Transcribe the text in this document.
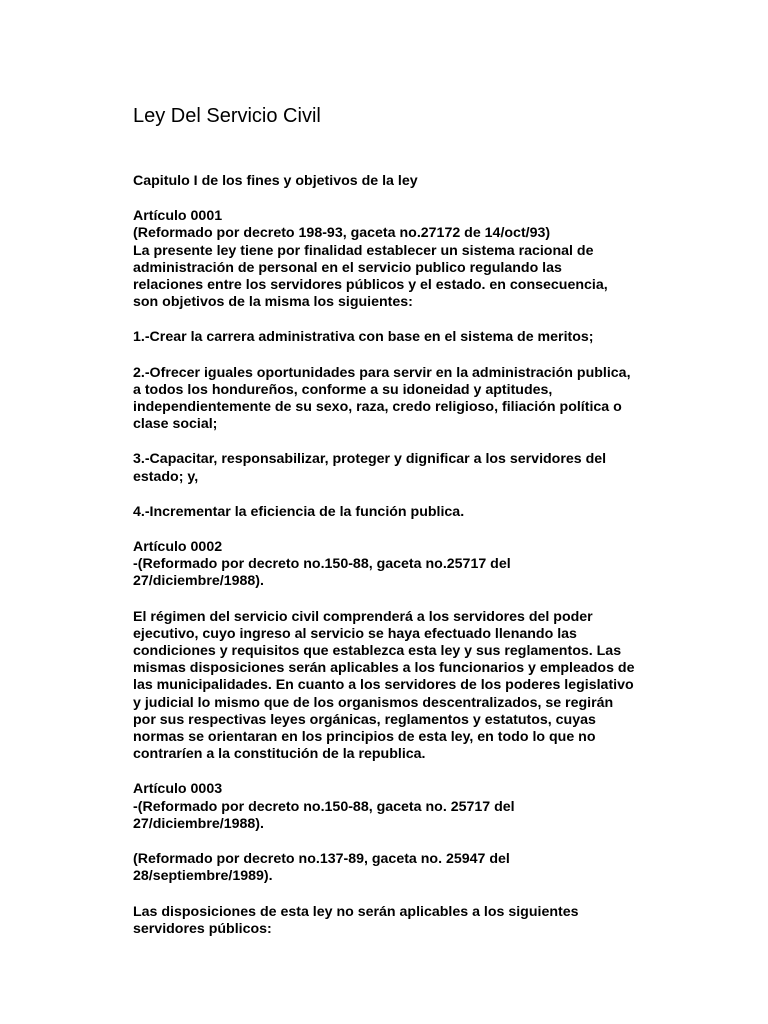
Ley Del Servicio Civil

Capitulo I de los fines y objetivos de la ley

Artículo 0001
(Reformado por decreto 198-93, gaceta no.27172 de 14/oct/93)
La presente ley tiene por finalidad establecer un sistema racional de
administración de personal en el servicio publico regulando las
relaciones entre los servidores públicos y el estado. en consecuencia,
son objetivos de la misma los siguientes:

1.-Crear la carrera administrativa con base en el sistema de meritos;

2.-Ofrecer iguales oportunidades para servir en la administración publica,
a todos los hondureños, conforme a su idoneidad y aptitudes,
independientemente de su sexo, raza, credo religioso, filiación política o
clase social;

3.-Capacitar, responsabilizar, proteger y dignificar a los servidores del
estado; y,

4.-Incrementar la eficiencia de la función publica.

Artículo 0002
-(Reformado por decreto no.150-88, gaceta no.25717 del
27/diciembre/1988).

El régimen del servicio civil comprenderá a los servidores del poder
ejecutivo, cuyo ingreso al servicio se haya efectuado llenando las
condiciones y requisitos que establezca esta ley y sus reglamentos. Las
mismas disposiciones serán aplicables a los funcionarios y empleados de
las municipalidades. En cuanto a los servidores de los poderes legislativo
y judicial lo mismo que de los organismos descentralizados, se regirán
por sus respectivas leyes orgánicas, reglamentos y estatutos, cuyas
normas se orientaran en los principios de esta ley, en todo lo que no
contraríen a la constitución de la republica.

Artículo 0003
-(Reformado por decreto no.150-88, gaceta no. 25717 del
27/diciembre/1988).

(Reformado por decreto no.137-89, gaceta no. 25947 del
28/septiembre/1989).

Las disposiciones de esta ley no serán aplicables a los siguientes
servidores públicos:
